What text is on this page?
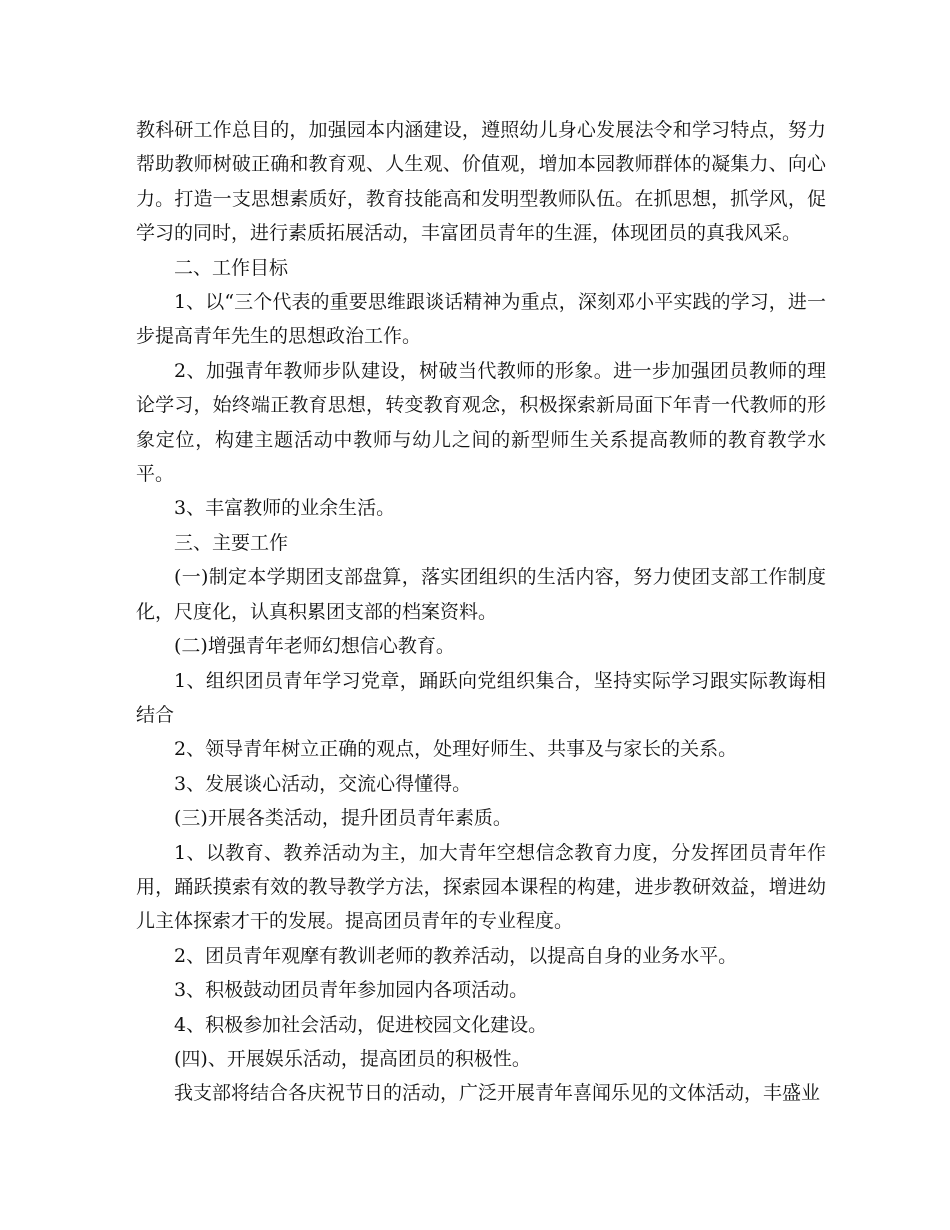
教科研工作总目的，加强园本内涵建设，遵照幼儿身心发展法令和学习特点，努力帮助教师树破正确和教育观、人生观、价值观，增加本园教师群体的凝集力、向心力。打造一支思想素质好，教育技能高和发明型教师队伍。在抓思想，抓学风，促学习的同时，进行素质拓展活动，丰富团员青年的生涯，体现团员的真我风采。

二、工作目标

1、以“三个代表的重要思维跟谈话精神为重点，深刻邓小平实践的学习，进一步提高青年先生的思想政治工作。

2、加强青年教师步队建设，树破当代教师的形象。进一步加强团员教师的理论学习，始终端正教育思想，转变教育观念，积极探索新局面下年青一代教师的形象定位，构建主题活动中教师与幼儿之间的新型师生关系提高教师的教育教学水平。

3、丰富教师的业余生活。

三、主要工作

(一)制定本学期团支部盘算，落实团组织的生活内容，努力使团支部工作制度化，尺度化，认真积累团支部的档案资料。

(二)增强青年老师幻想信心教育。

1、组织团员青年学习党章，踊跃向党组织集合，坚持实际学习跟实际教诲相结合

2、领导青年树立正确的观点，处理好师生、共事及与家长的关系。

3、发展谈心活动，交流心得懂得。

(三)开展各类活动，提升团员青年素质。

1、以教育、教养活动为主，加大青年空想信念教育力度，分发挥团员青年作用，踊跃摸索有效的教导教学方法，探索园本课程的构建，进步教研效益，增进幼儿主体探索才干的发展。提高团员青年的专业程度。

2、团员青年观摩有教训老师的教养活动，以提高自身的业务水平。

3、积极鼓动团员青年参加园内各项活动。

4、积极参加社会活动，促进校园文化建设。

(四)、开展娱乐活动，提高团员的积极性。

我支部将结合各庆祝节日的活动，广泛开展青年喜闻乐见的文体活动，丰盛业
